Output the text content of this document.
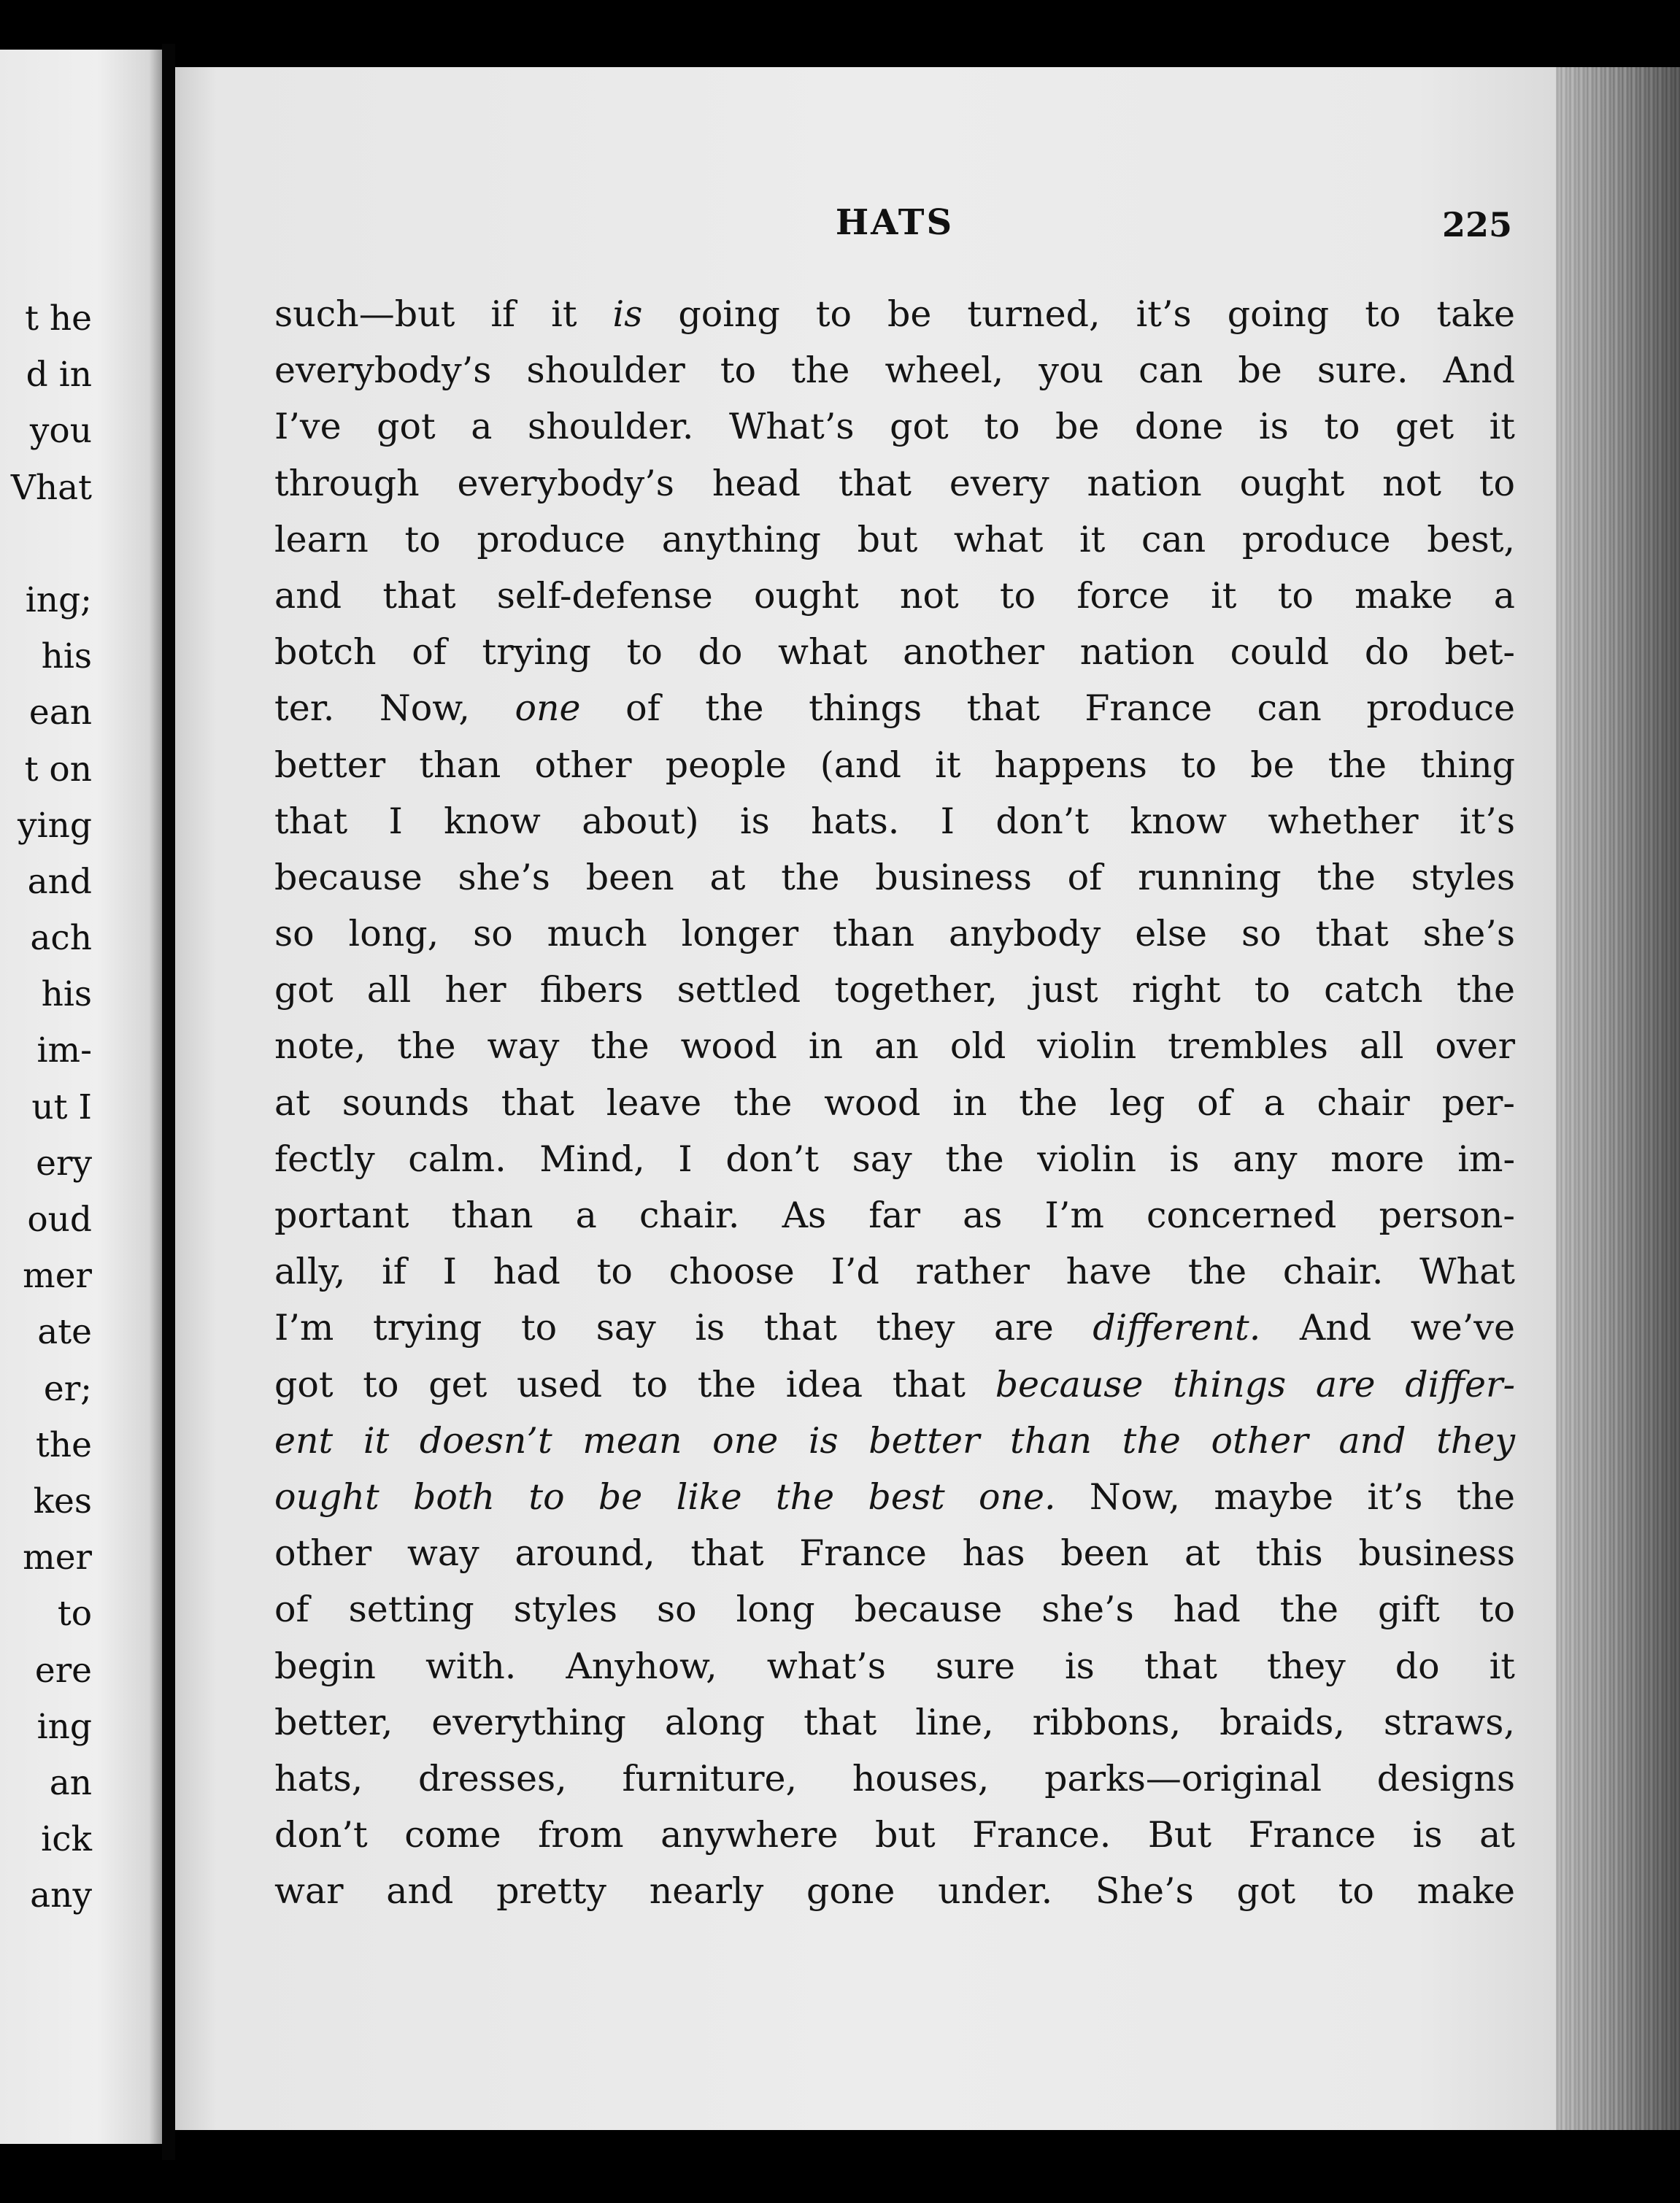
t he
d in
you
Vhat
ing;
his
ean
t on
ying
and
ach
his
im-
ut I
ery
oud
mer
ate
er;
the
kes
mer
to
ere
ing
an
ick
any
HATS	225
such—but if it is going to be turned, it’s going to take
everybody’s shoulder to the wheel, you can be sure. And
I’ve got a shoulder. What’s got to be done is to get it
through everybody’s head that every nation ought not to
learn to produce anything but what it can produce best,
and that self-defense ought not to force it to make a
botch of trying to do what another nation could do bet-
ter. Now, one of the things that France can produce
better than other people (and it happens to be the thing
that I know about) is hats. I don’t know whether it’s
because she’s been at the business of running the styles
so long, so much longer than anybody else so that she’s
got all her fibers settled together, just right to catch the
note, the way the wood in an old violin trembles all over
at sounds that leave the wood in the leg of a chair per-
fectly calm. Mind, I don’t say the violin is any more im-
portant than a chair. As far as I’m concerned person-
ally, if I had to choose I’d rather have the chair. What
I’m trying to say is that they are different. And we’ve
got to get used to the idea that because things are differ-
ent it doesn’t mean one is better than the other and they
ought both to be like the best one. Now, maybe it’s the
other way around, that France has been at this business
of setting styles so long because she’s had the gift to
begin with. Anyhow, what’s sure is that they do it
better, everything along that line, ribbons, braids, straws,
hats, dresses, furniture, houses, parks—original designs
don’t come from anywhere but France. But France is at
war and pretty nearly gone under. She’s got to make
